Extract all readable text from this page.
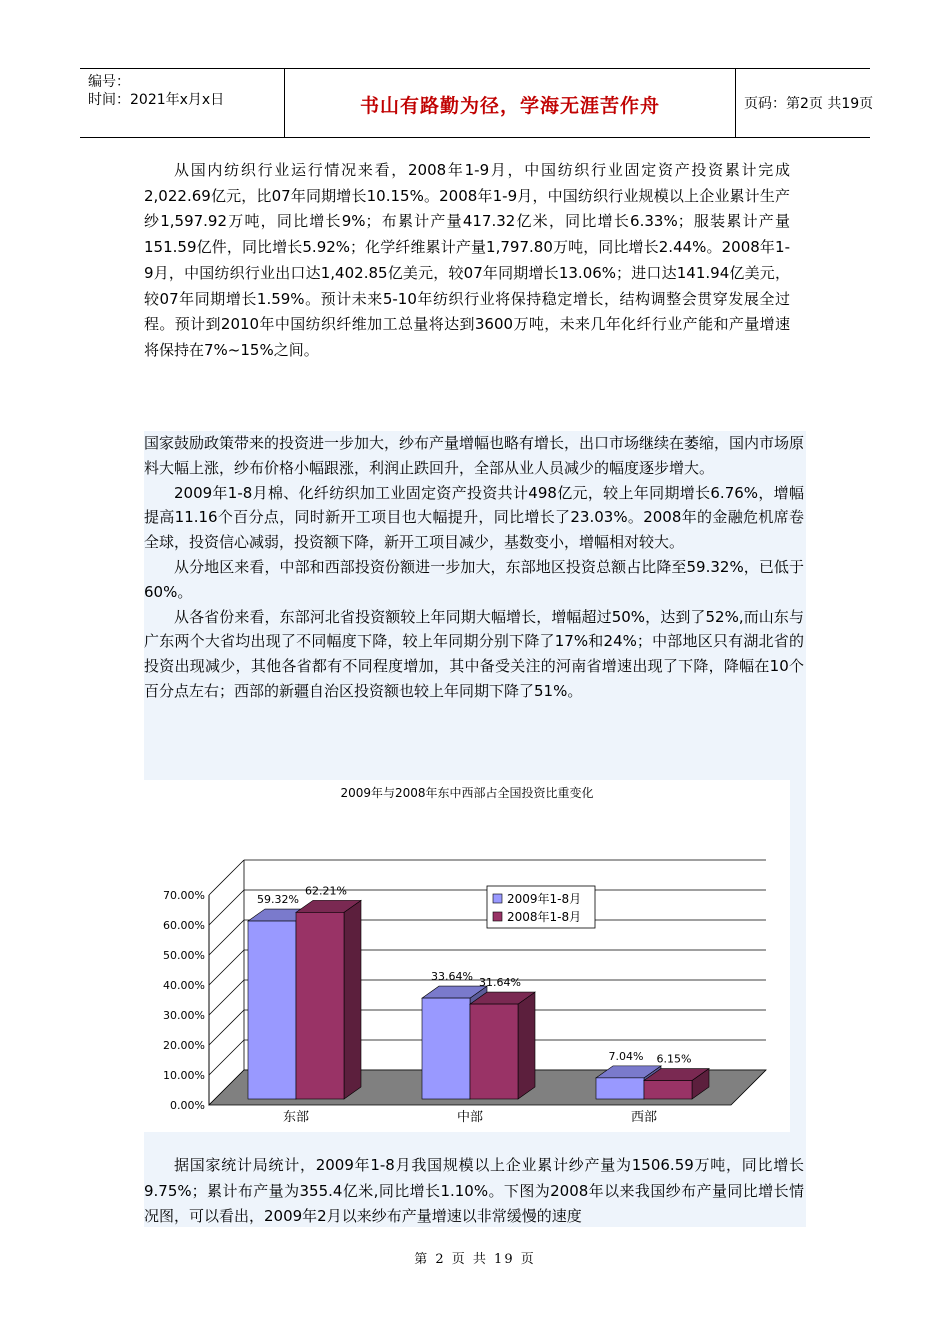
编号：
时间：2021年x月x日	书山有路勤为径，学海无涯苦作舟	页码：第2页 共19页

从国内纺织行业运行情况来看，2008年1-9月，中国纺织行业固定资产投资累计完成2,022.69亿元，比07年同期增长10.15%。2008年1-9月，中国纺织行业规模以上企业累计生产纱1,597.92万吨，同比增长9%；布累计产量417.32亿米，同比增长6.33%；服装累计产量151.59亿件，同比增长5.92%；化学纤维累计产量1,797.80万吨，同比增长2.44%。2008年1-9月，中国纺织行业出口达1,402.85亿美元，较07年同期增长13.06%；进口达141.94亿美元，较07年同期增长1.59%。预计未来5-10年纺织行业将保持稳定增长，结构调整会贯穿发展全过程。预计到2010年中国纺织纤维加工总量将达到3600万吨，未来几年化纤行业产能和产量增速将保持在7%~15%之间。

国家鼓励政策带来的投资进一步加大，纱布产量增幅也略有增长，出口市场继续在萎缩，国内市场原料大幅上涨，纱布价格小幅跟涨，利润止跌回升，全部从业人员减少的幅度逐步增大。

2009年1-8月棉、化纤纺织加工业固定资产投资共计498亿元，较上年同期增长6.76%，增幅提高11.16个百分点，同时新开工项目也大幅提升，同比增长了23.03%。2008年的金融危机席卷全球，投资信心减弱，投资额下降，新开工项目减少，基数变小，增幅相对较大。

从分地区来看，中部和西部投资份额进一步加大，东部地区投资总额占比降至59.32%，已低于60%。

从各省份来看，东部河北省投资额较上年同期大幅增长，增幅超过50%，达到了52%,而山东与广东两个大省均出现了不同幅度下降，较上年同期分别下降了17%和24%；中部地区只有湖北省的投资出现减少，其他各省都有不同程度增加，其中备受关注的河南省增速出现了下降，降幅在10个百分点左右；西部的新疆自治区投资额也较上年同期下降了51%。

2009年与2008年东中西部占全国投资比重变化
59.32%
62.21%
33.64% 31.64%
7.04% 6.15%
0.00%
10.00%
20.00%
30.00%
40.00%
50.00%
60.00%
70.00%
东部	中部	西部
2009年1-8月
2008年1-8月

据国家统计局统计，2009年1-8月我国规模以上企业累计纱产量为1506.59万吨，同比增长9.75%；累计布产量为355.4亿米,同比增长1.10%。下图为2008年以来我国纱布产量同比增长情况图，可以看出，2009年2月以来纱布产量增速以非常缓慢的速度

第 2 页 共 19 页
